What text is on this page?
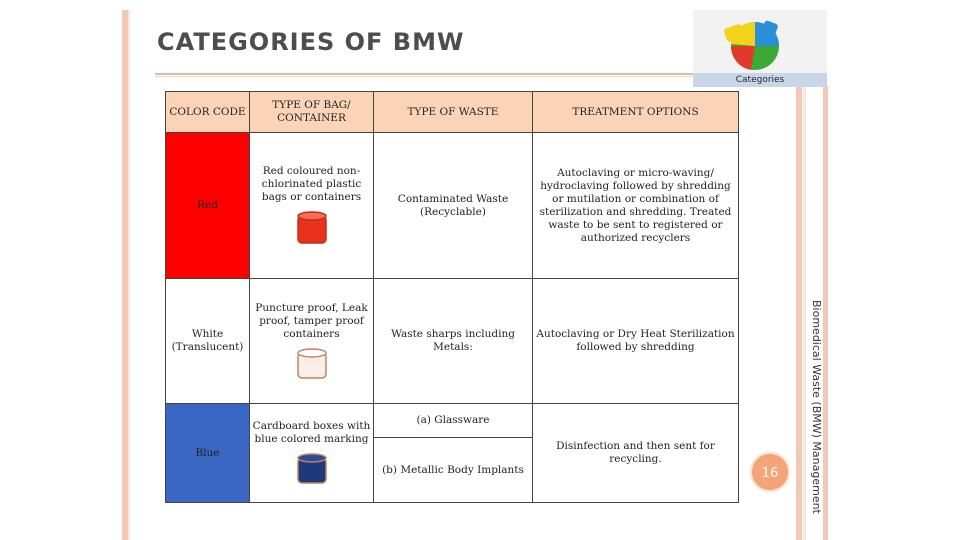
CATEGORIES OF BMW
Categories
COLOR CODE	TYPE OF BAG/ CONTAINER	TYPE OF WASTE	TREATMENT OPTIONS
Red	Red coloured non-chlorinated plastic bags or containers	Contaminated Waste (Recyclable)	Autoclaving or micro-waving/ hydroclaving followed by shredding or mutilation or combination of sterilization and shredding. Treated waste to be sent to registered or authorized recyclers
White (Translucent)	Puncture proof, Leak proof, tamper proof containers	Waste sharps including Metals:	Autoclaving or Dry Heat Sterilization followed by shredding
Blue	Cardboard boxes with blue colored marking	(a) Glassware	Disinfection and then sent for recycling.
		(b) Metallic Body Implants		16	Biomedical Waste (BMW) Management
